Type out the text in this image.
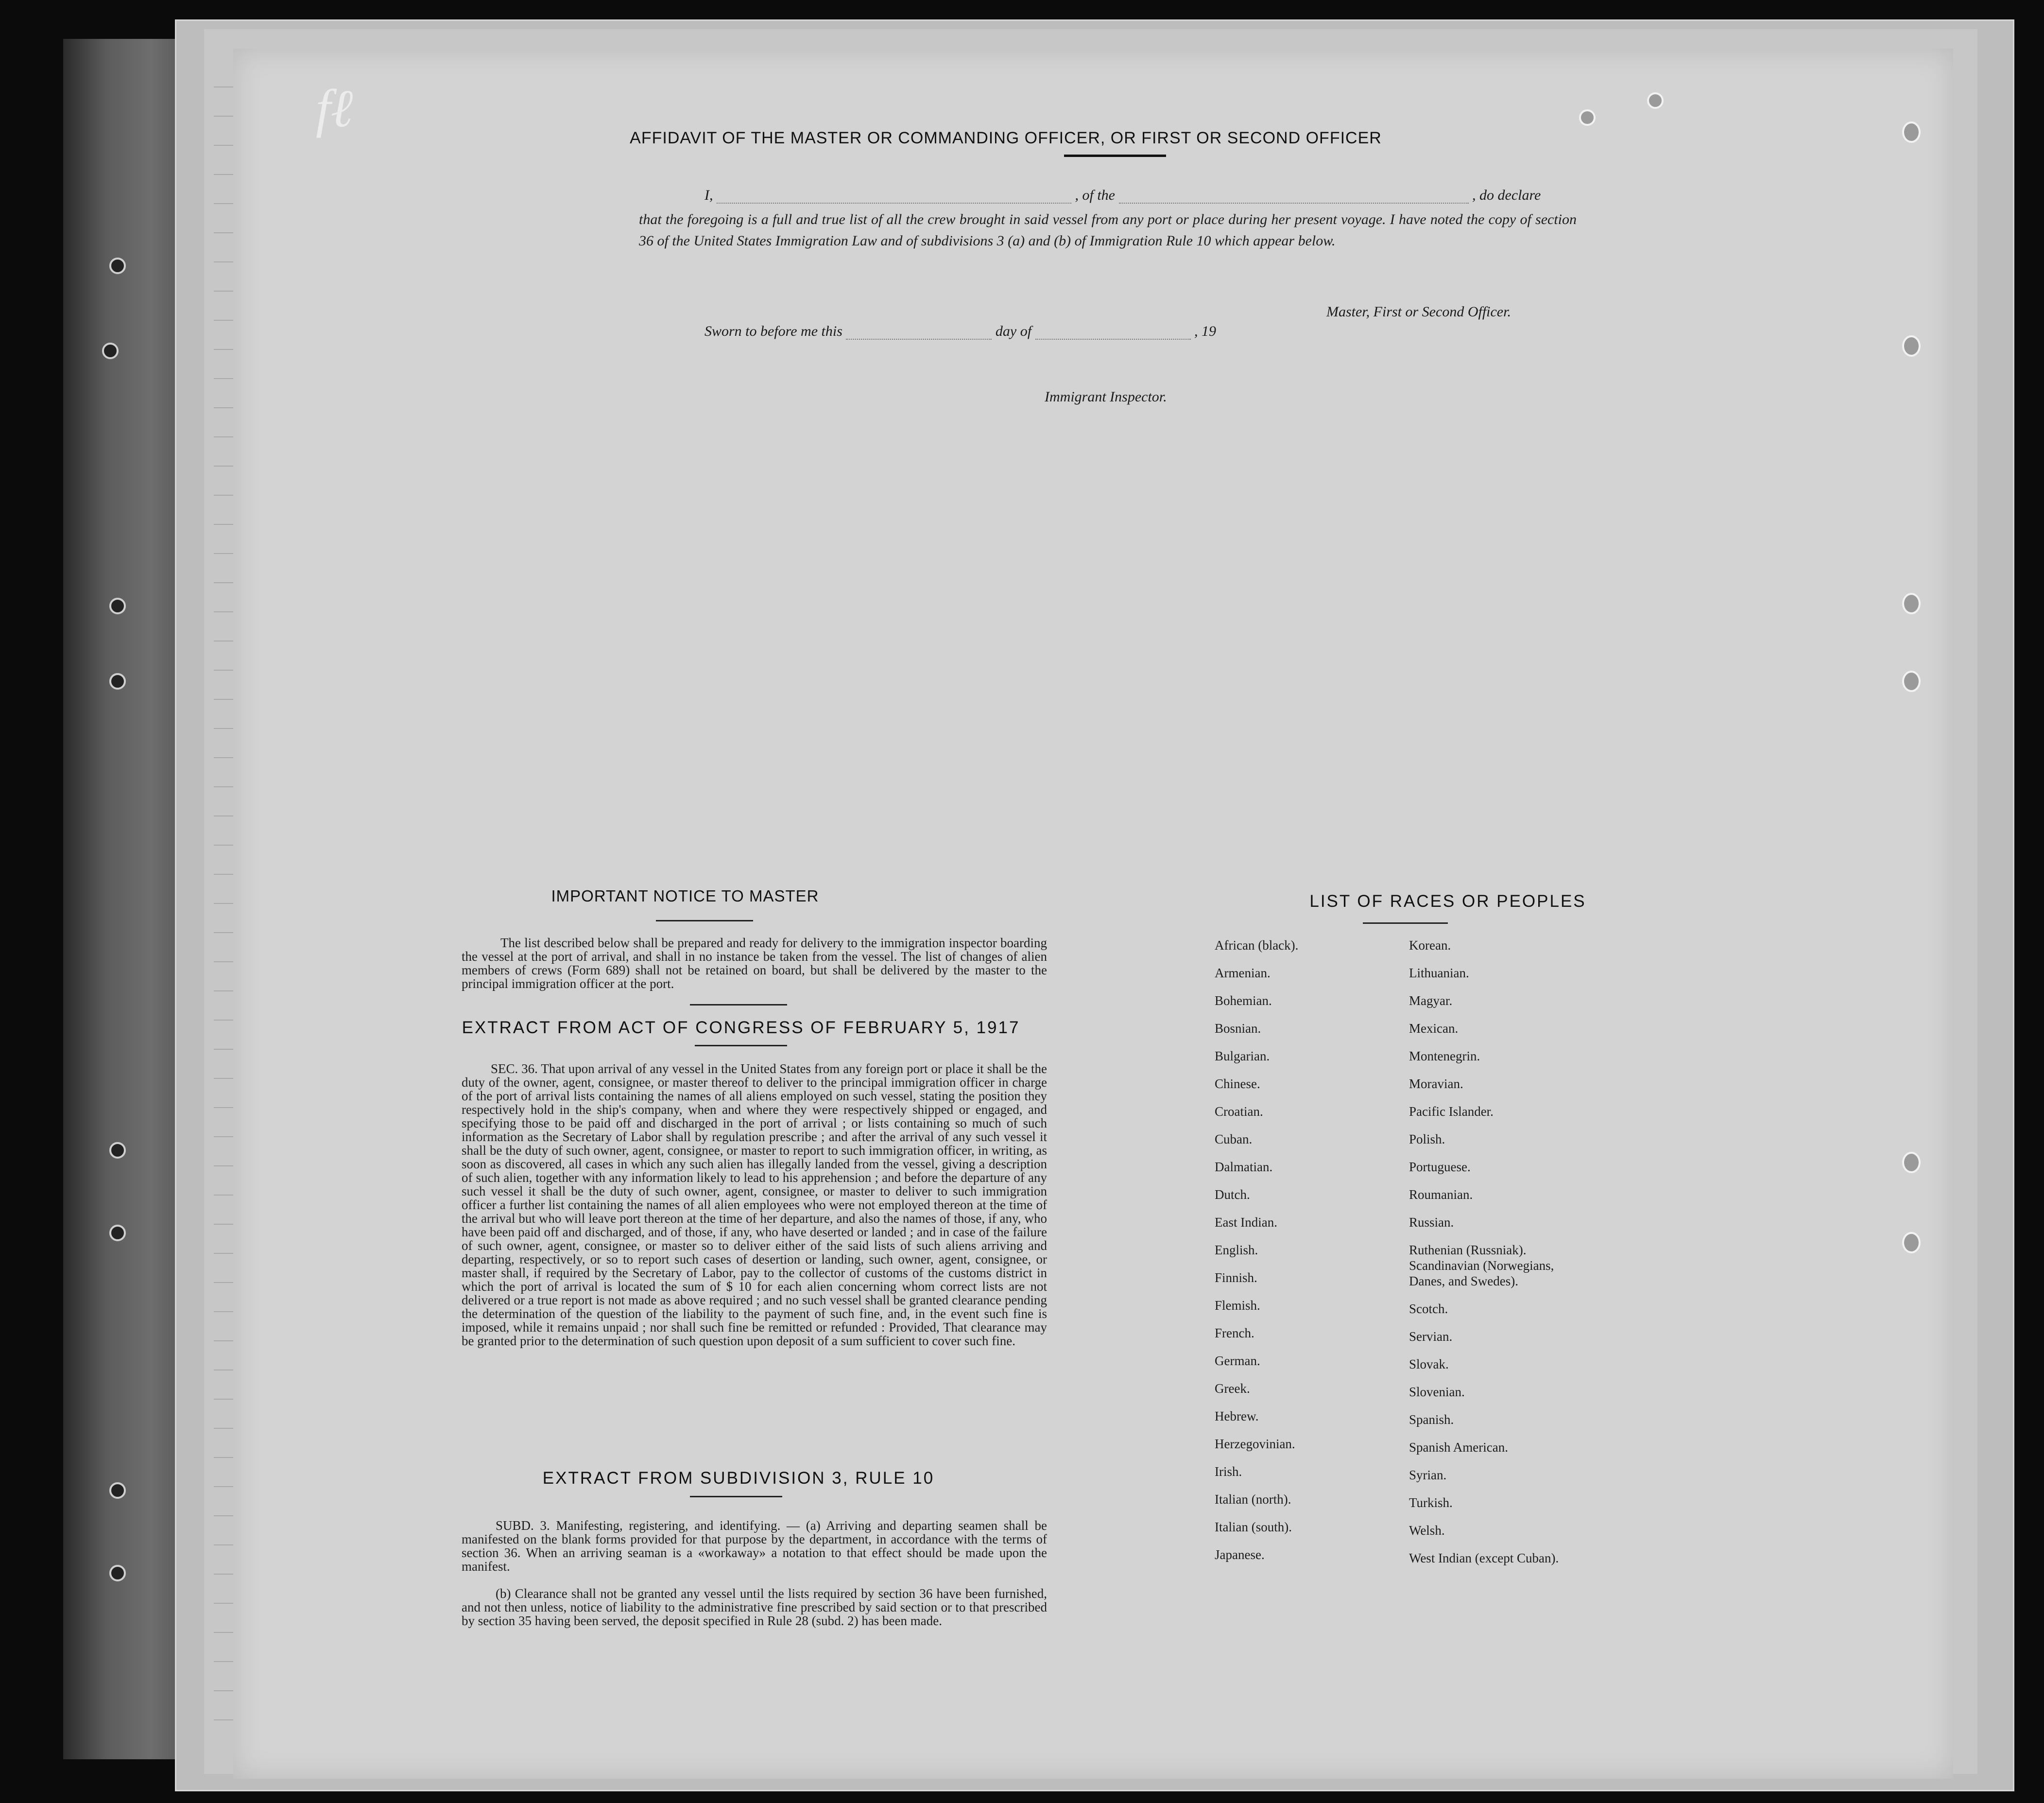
fℓ	AFFIDAVIT OF THE MASTER OR COMMANDING OFFICER, OR FIRST OR SECOND OFFICER
I,	, of the	, do declare
that the foregoing is a full and true list of all the crew brought in said vessel from any port or place during her present voyage. I have noted the copy of section 36 of the United States Immigration Law and of subdivisions 3 (a) and (b) of Immigration Rule 10 which appear below.
Master, First or Second Officer.
Sworn to before me this	day of	, 19
Immigrant Inspector.
IMPORTANT NOTICE TO MASTER
The list described below shall be prepared and ready for delivery to the immigration inspector boarding the vessel at the port of arrival, and shall in no instance be taken from the vessel. The list of changes of alien members of crews (Form 689) shall not be retained on board, but shall be delivered by the master to the principal immigration officer at the port.
EXTRACT FROM ACT OF CONGRESS OF FEBRUARY 5, 1917
SEC. 36. That upon arrival of any vessel in the United States from any foreign port or place it shall be the duty of the owner, agent, consignee, or master thereof to deliver to the principal immigration officer in charge of the port of arrival lists containing the names of all aliens employed on such vessel, stating the position they respectively hold in the ship's company, when and where they were respectively shipped or engaged, and specifying those to be paid off and discharged in the port of arrival ; or lists containing so much of such information as the Secretary of Labor shall by regulation prescribe ; and after the arrival of any such vessel it shall be the duty of such owner, agent, consignee, or master to report to such immigration officer, in writing, as soon as discovered, all cases in which any such alien has illegally landed from the vessel, giving a description of such alien, together with any information likely to lead to his apprehension ; and before the departure of any such vessel it shall be the duty of such owner, agent, consignee, or master to deliver to such immigration officer a further list containing the names of all alien employees who were not employed thereon at the time of the arrival but who will leave port thereon at the time of her departure, and also the names of those, if any, who have been paid off and discharged, and of those, if any, who have deserted or landed ; and in case of the failure of such owner, agent, consignee, or master so to deliver either of the said lists of such aliens arriving and departing, respectively, or so to report such cases of desertion or landing, such owner, agent, consignee, or master shall, if required by the Secretary of Labor, pay to the collector of customs of the customs district in which the port of arrival is located the sum of $ 10 for each alien concerning whom correct lists are not delivered or a true report is not made as above required ; and no such vessel shall be granted clearance pending the determination of the question of the liability to the payment of such fine, and, in the event such fine is imposed, while it remains unpaid ; nor shall such fine be remitted or refunded : Provided, That clearance may be granted prior to the determination of such question upon deposit of a sum sufficient to cover such fine.
EXTRACT FROM SUBDIVISION 3, RULE 10
SUBD. 3. Manifesting, registering, and identifying. — (a) Arriving and departing seamen shall be manifested on the blank forms provided for that purpose by the department, in accordance with the terms of section 36. When an arriving seaman is a «workaway» a notation to that effect should be made upon the manifest.
(b) Clearance shall not be granted any vessel until the lists required by section 36 have been furnished, and not then unless, notice of liability to the administrative fine prescribed by said section or to that prescribed by section 35 having been served, the deposit specified in Rule 28 (subd. 2) has been made.
LIST OF RACES OR PEOPLES
African (black).
Armenian.
Bohemian.
Bosnian.
Bulgarian.
Chinese.
Croatian.
Cuban.
Dalmatian.
Dutch.
East Indian.
English.
Finnish.
Flemish.
French.
German.
Greek.
Hebrew.
Herzegovinian.
Irish.
Italian (north).
Italian (south).
Japanese.
Korean.
Lithuanian.
Magyar.
Mexican.
Montenegrin.
Moravian.
Pacific Islander.
Polish.
Portuguese.
Roumanian.
Russian.
Ruthenian (Russniak).
Scandinavian (Norwegians,
Danes, and Swedes).
Scotch.
Servian.
Slovak.
Slovenian.
Spanish.
Spanish American.
Syrian.
Turkish.
Welsh.
West Indian (except Cuban).
